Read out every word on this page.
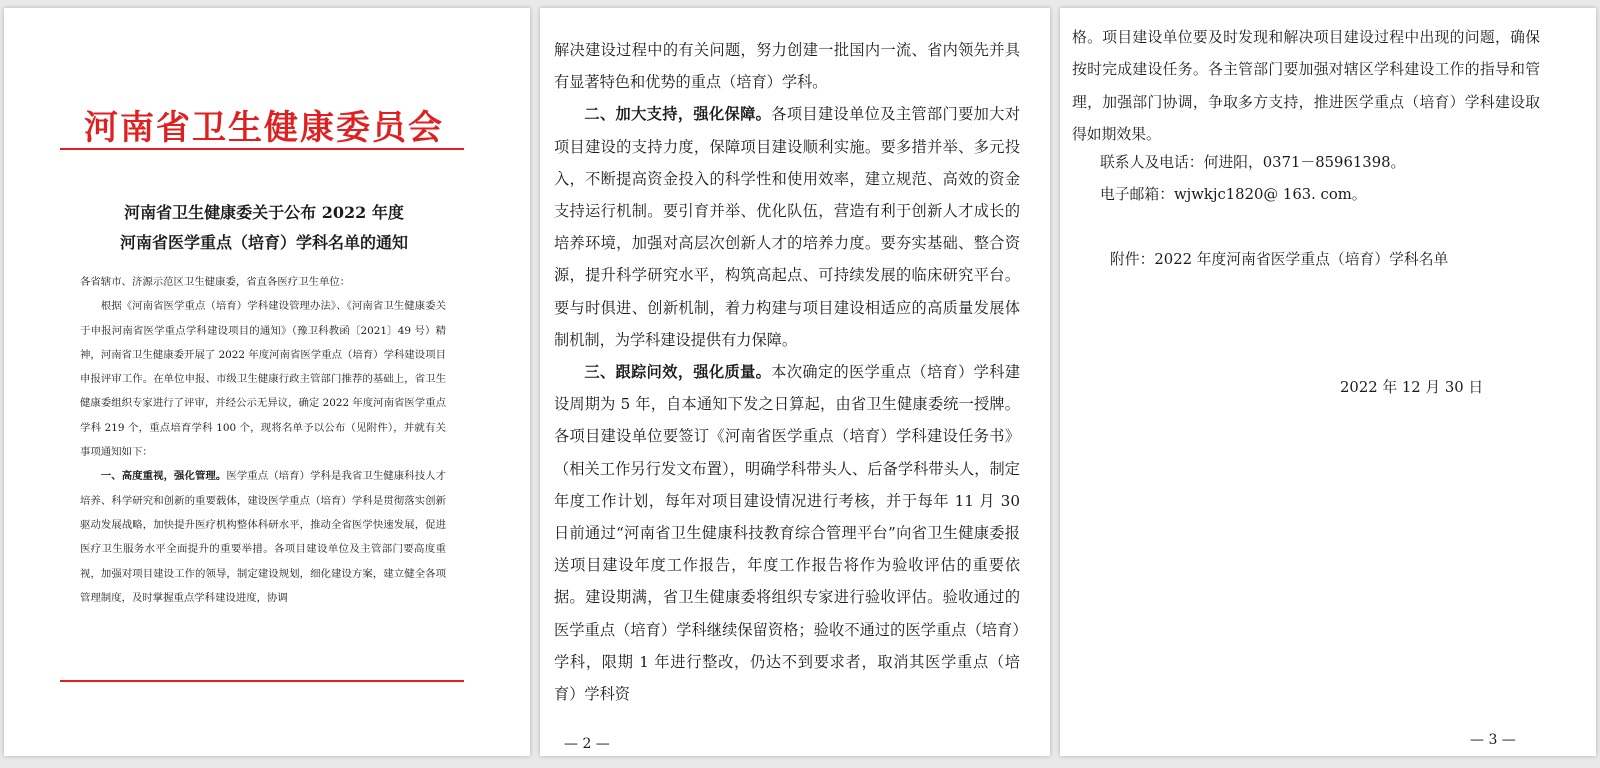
河南省卫生健康委员会
河南省卫生健康委关于公布 2022 年度
河南省医学重点（培育）学科名单的通知

各省辖市、济源示范区卫生健康委，省直各医疗卫生单位：

根据《河南省医学重点（培育）学科建设管理办法》、《河南省卫生健康委关于申报河南省医学重点学科建设项目的通知》（豫卫科教函〔2021〕49 号）精神，河南省卫生健康委开展了 2022 年度河南省医学重点（培育）学科建设项目申报评审工作。在单位申报、市级卫生健康行政主管部门推荐的基础上，省卫生健康委组织专家进行了评审，并经公示无异议，确定 2022 年度河南省医学重点学科 219 个，重点培育学科 100 个，现将名单予以公布（见附件），并就有关事项通知如下：

一、高度重视，强化管理。医学重点（培育）学科是我省卫生健康科技人才培养、科学研究和创新的重要载体，建设医学重点（培育）学科是贯彻落实创新驱动发展战略，加快提升医疗机构整体科研水平，推动全省医学快速发展，促进医疗卫生服务水平全面提升的重要举措。各项目建设单位及主管部门要高度重视，加强对项目建设工作的领导，制定建设规划，细化建设方案，建立健全各项管理制度，及时掌握重点学科建设进度，协调

解决建设过程中的有关问题，努力创建一批国内一流、省内领先并具有显著特色和优势的重点（培育）学科。

二、加大支持，强化保障。各项目建设单位及主管部门要加大对项目建设的支持力度，保障项目建设顺利实施。要多措并举、多元投入，不断提高资金投入的科学性和使用效率，建立规范、高效的资金支持运行机制。要引育并举、优化队伍，营造有利于创新人才成长的培养环境，加强对高层次创新人才的培养力度。要夯实基础、整合资源，提升科学研究水平，构筑高起点、可持续发展的临床研究平台。要与时俱进、创新机制，着力构建与项目建设相适应的高质量发展体制机制，为学科建设提供有力保障。

三、跟踪问效，强化质量。本次确定的医学重点（培育）学科建设周期为 5 年，自本通知下发之日算起，由省卫生健康委统一授牌。各项目建设单位要签订《河南省医学重点（培育）学科建设任务书》（相关工作另行发文布置），明确学科带头人、后备学科带头人，制定年度工作计划，每年对项目建设情况进行考核，并于每年 11 月 30 日前通过“河南省卫生健康科技教育综合管理平台”向省卫生健康委报送项目建设年度工作报告，年度工作报告将作为验收评估的重要依据。建设期满，省卫生健康委将组织专家进行验收评估。验收通过的医学重点（培育）学科继续保留资格；验收不通过的医学重点（培育）学科，限期 1 年进行整改，仍达不到要求者，取消其医学重点（培育）学科资

— 2 —

格。项目建设单位要及时发现和解决项目建设过程中出现的问题，确保按时完成建设任务。各主管部门要加强对辖区学科建设工作的指导和管理，加强部门协调，争取多方支持，推进医学重点（培育）学科建设取得如期效果。

联系人及电话：何进阳，0371－85961398。
电子邮箱：wjwkjc1820@ 163. com。
附件：2022 年度河南省医学重点（培育）学科名单
2022 年 12 月 30 日
— 3 —
